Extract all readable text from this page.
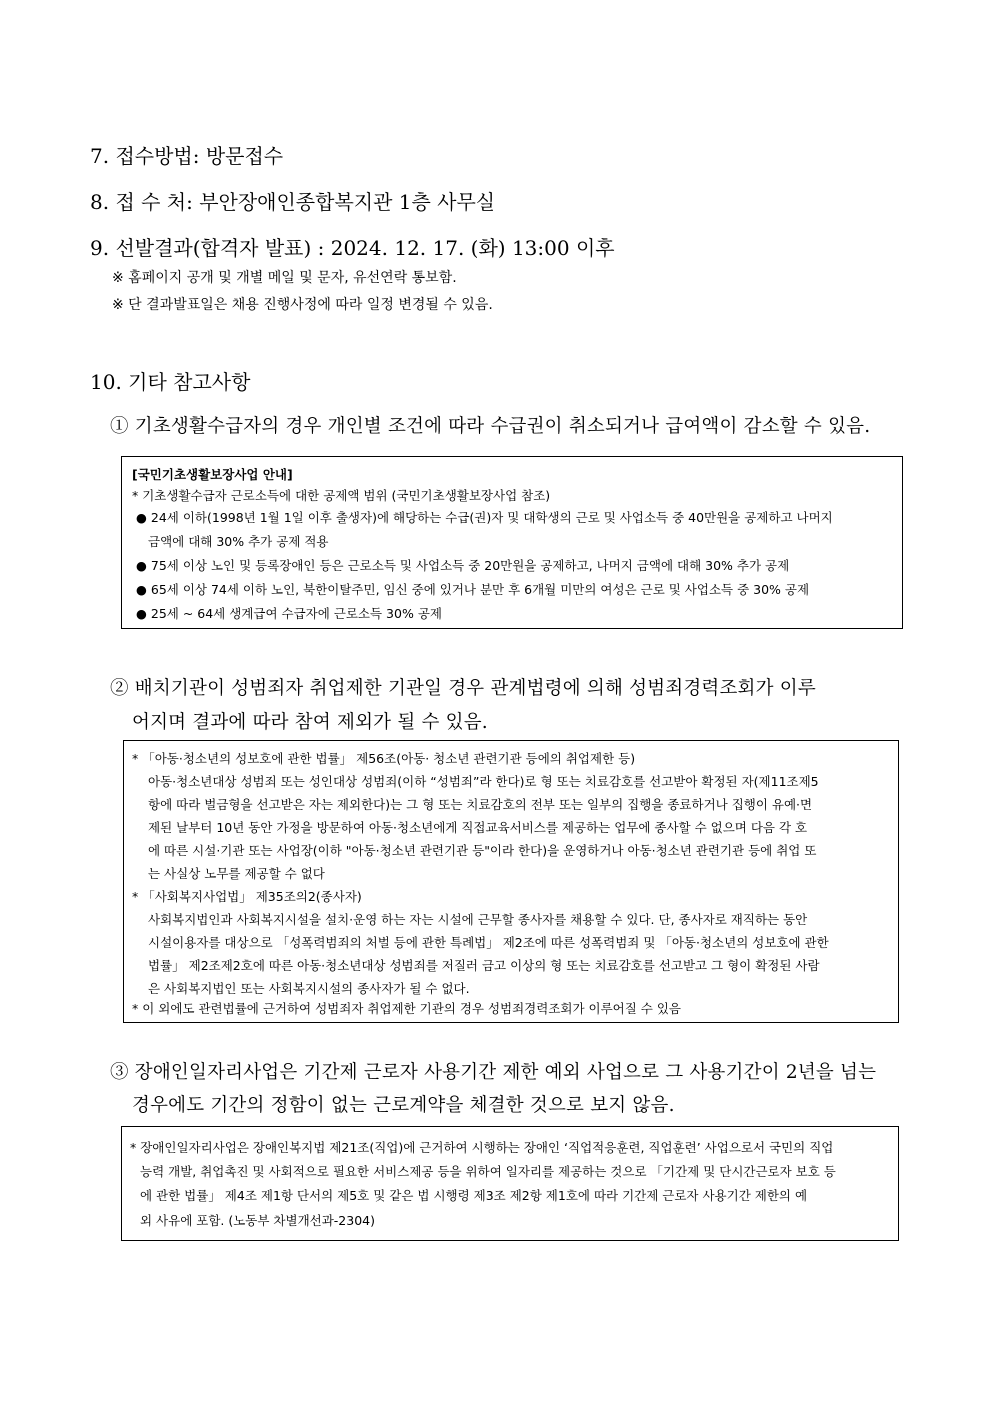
7. 접수방법: 방문접수
8. 접 수 처: 부안장애인종합복지관 1층 사무실
9. 선발결과(합격자 발표) : 2024. 12. 17. (화) 13:00 이후
※ 홈페이지 공개 및 개별 메일 및 문자, 유선연락 통보함.
※ 단 결과발표일은 채용 진행사정에 따라 일정 변경될 수 있음.
10. 기타 참고사항
① 기초생활수급자의 경우 개인별 조건에 따라 수급권이 취소되거나 급여액이 감소할 수 있음.
[국민기초생활보장사업 안내]
* 기초생활수급자 근로소득에 대한 공제액 범위 (국민기초생활보장사업 참조)
● 24세 이하(1998년 1월 1일 이후 출생자)에 해당하는 수급(권)자 및 대학생의 근로 및 사업소득 중 40만원을 공제하고 나머지
금액에 대해 30% 추가 공제 적용
● 75세 이상 노인 및 등록장애인 등은 근로소득 및 사업소득 중 20만원을 공제하고, 나머지 금액에 대해 30% 추가 공제
● 65세 이상 74세 이하 노인, 북한이탈주민, 임신 중에 있거나 분만 후 6개월 미만의 여성은 근로 및 사업소득 중 30% 공제
● 25세 ~ 64세 생계급여 수급자에 근로소득 30% 공제
② 배치기관이 성범죄자 취업제한 기관일 경우 관계법령에 의해 성범죄경력조회가 이루
어지며 결과에 따라 참여 제외가 될 수 있음.
* 「아동·청소년의 성보호에 관한 법률」 제56조(아동· 청소년 관련기관 등에의 취업제한 등)
아동·청소년대상 성범죄 또는 성인대상 성범죄(이하 “성범죄”라 한다)로 형 또는 치료감호를 선고받아 확정된 자(제11조제5
항에 따라 벌금형을 선고받은 자는 제외한다)는 그 형 또는 치료감호의 전부 또는 일부의 집행을 종료하거나 집행이 유예·면
제된 날부터 10년 동안 가정을 방문하여 아동·청소년에게 직접교육서비스를 제공하는 업무에 종사할 수 없으며 다음 각 호
에 따른 시설·기관 또는 사업장(이하 "아동·청소년 관련기관 등"이라 한다)을 운영하거나 아동·청소년 관련기관 등에 취업 또
는 사실상 노무를 제공할 수 없다
* 「사회복지사업법」 제35조의2(종사자)
사회복지법인과 사회복지시설을 설치·운영 하는 자는 시설에 근무할 종사자를 채용할 수 있다. 단, 종사자로 재직하는 동안
시설이용자를 대상으로 「성폭력범죄의 처벌 등에 관한 특례법」 제2조에 따른 성폭력범죄 및 「아동·청소년의 성보호에 관한
법률」 제2조제2호에 따른 아동·청소년대상 성범죄를 저질러 금고 이상의 형 또는 치료감호를 선고받고 그 형이 확정된 사람
은 사회복지법인 또는 사회복지시설의 종사자가 될 수 없다.
* 이 외에도 관련법률에 근거하여 성범죄자 취업제한 기관의 경우 성범죄경력조회가 이루어질 수 있음
③ 장애인일자리사업은 기간제 근로자 사용기간 제한 예외 사업으로 그 사용기간이 2년을 넘는
경우에도 기간의 정함이 없는 근로계약을 체결한 것으로 보지 않음.
* 장애인일자리사업은 장애인복지법 제21조(직업)에 근거하여 시행하는 장애인 ‘직업적응훈련, 직업훈련’ 사업으로서 국민의 직업
능력 개발, 취업촉진 및 사회적으로 필요한 서비스제공 등을 위하여 일자리를 제공하는 것으로 「기간제 및 단시간근로자 보호 등
에 관한 법률」 제4조 제1항 단서의 제5호 및 같은 법 시행령 제3조 제2항 제1호에 따라 기간제 근로자 사용기간 제한의 예
외 사유에 포함. (노동부 차별개선과-2304)
